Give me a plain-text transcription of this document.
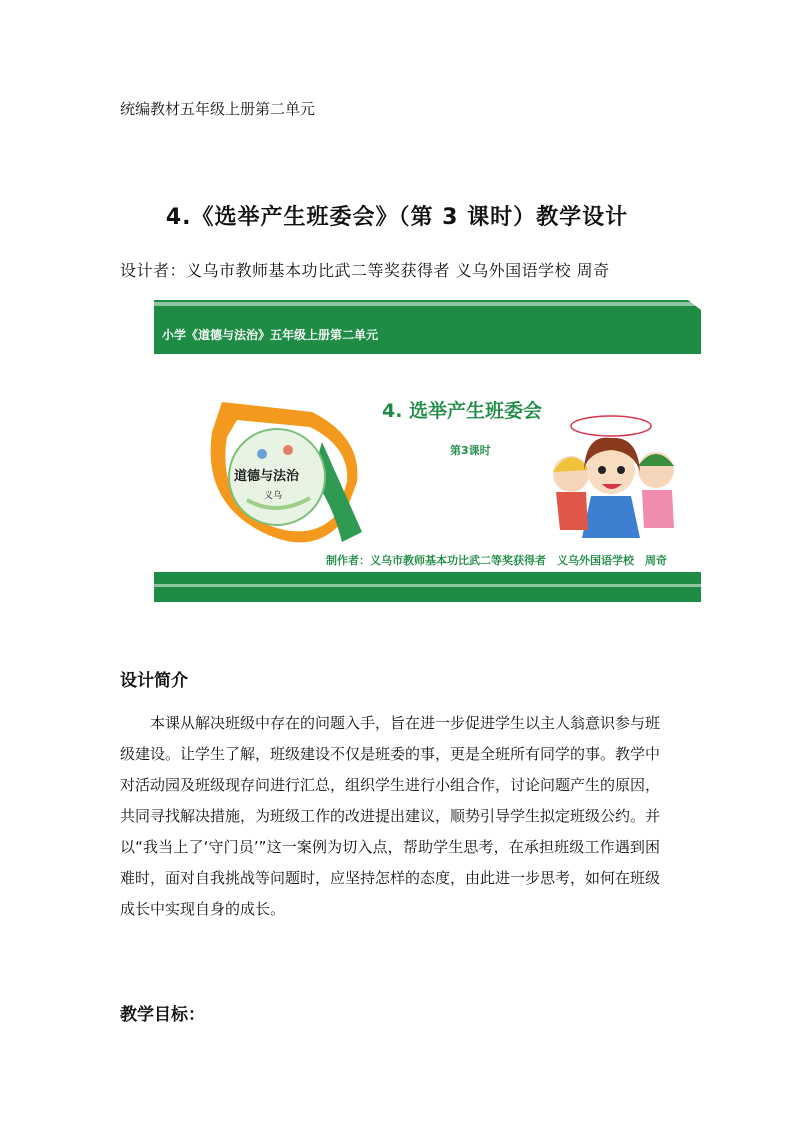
统编教材五年级上册第二单元
4.《选举产生班委会》（第 3 课时）教学设计
设计者：义乌市教师基本功比武二等奖获得者 义乌外国语学校 周奇
小学《道德与法治》五年级上册第二单元
道德与法治
义乌
4. 选举产生班委会
第3课时
制作者：义乌市教师基本功比武二等奖获得者　义乌外国语学校　周奇
设计简介
本课从解决班级中存在的问题入手，旨在进一步促进学生以主人翁意识参与班级建设。让学生了解，班级建设不仅是班委的事，更是全班所有同学的事。教学中对活动园及班级现存问进行汇总，组织学生进行小组合作，讨论问题产生的原因，共同寻找解决措施，为班级工作的改进提出建议，顺势引导学生拟定班级公约。并以“我当上了‘守门员’”这一案例为切入点，帮助学生思考，在承担班级工作遇到困难时，面对自我挑战等问题时，应坚持怎样的态度，由此进一步思考，如何在班级成长中实现自身的成长。
教学目标：
